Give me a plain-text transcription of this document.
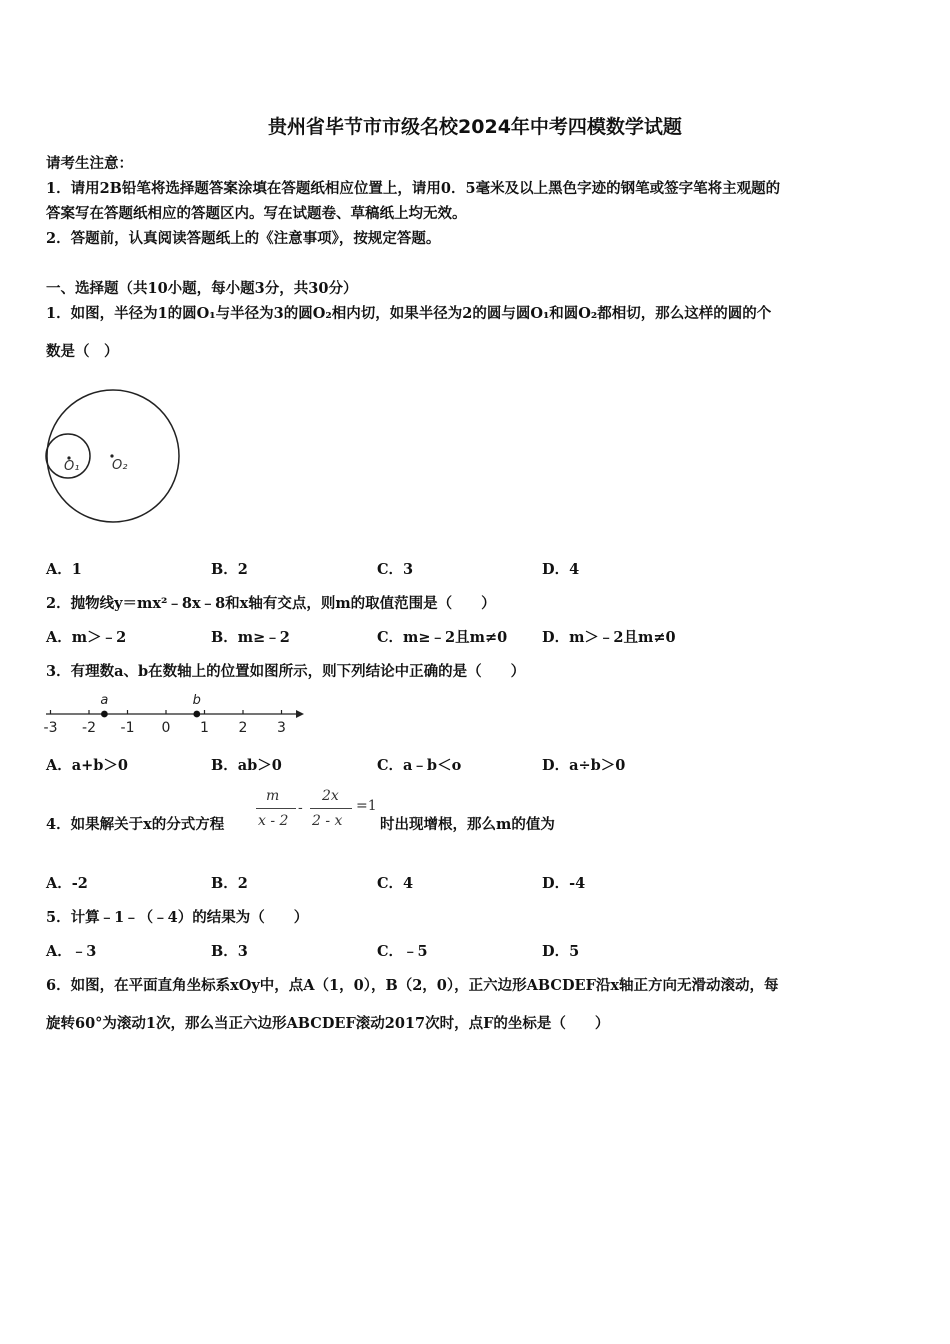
贵州省毕节市市级名校2024年中考四模数学试题
请考生注意：
1．请用2B铅笔将选择题答案涂填在答题纸相应位置上，请用0．5毫米及以上黑色字迹的钢笔或签字笔将主观题的
答案写在答题纸相应的答题区内。写在试题卷、草稿纸上均无效。
2．答题前，认真阅读答题纸上的《注意事项》，按规定答题。
一、选择题（共10小题，每小题3分，共30分）
1．如图，半径为1的圆O₁与半径为3的圆O₂相内切，如果半径为2的圆与圆O₁和圆O₂都相切，那么这样的圆的个
数是（　）
O₁	O₂
A．1	B．2	C．3	D．4
2．抛物线y＝mx²﹣8x﹣8和x轴有交点，则m的取值范围是（　　）
A．m＞﹣2	B．m≥﹣2	C．m≥﹣2且m≠0 D．m＞﹣2且m≠0
3．有理数a、b在数轴上的位置如图所示，则下列结论中正确的是（　　）
-3 -2 -1 0 1 2 3
a	b
A．a+b＞0	B．ab＞0	C．a﹣b＜o	D．a÷b＞0
4．如果解关于x的分式方程
m
x - 2
-
2x
2 - x
=1
时出现增根，那么m的值为
A．-2	B．2	C．4	D．-4
5．计算﹣1﹣（﹣4）的结果为（　　）
A．﹣3	B．3	C．﹣5	D．5
6．如图，在平面直角坐标系xOy中，点A（1，0），B（2，0），正六边形ABCDEF沿x轴正方向无滑动滚动，每
旋转60°为滚动1次，那么当正六边形ABCDEF滚动2017次时，点F的坐标是（　　）
